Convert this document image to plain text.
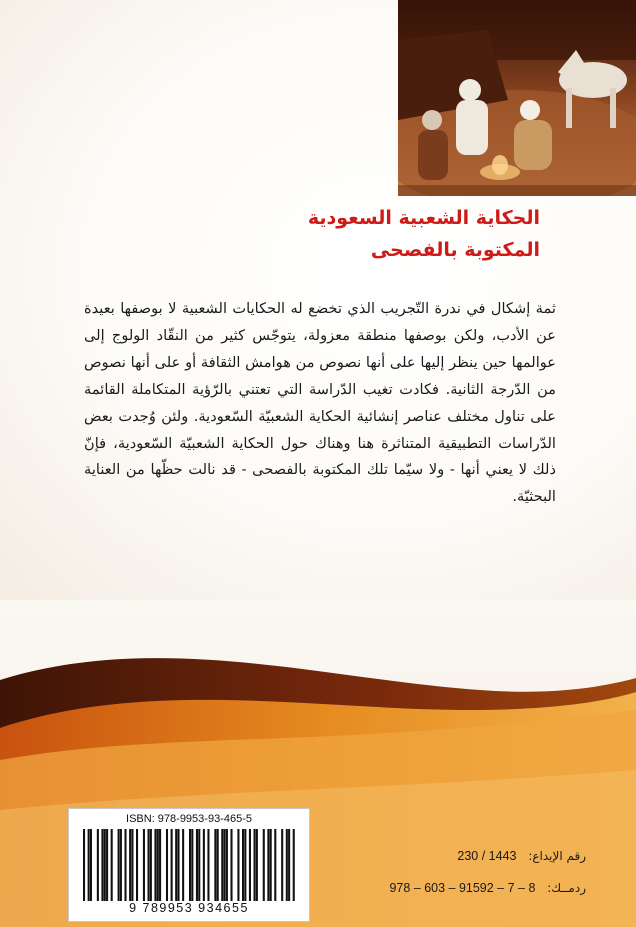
الحكاية الشعبية السعودية
المكتوبة بالفصحى
ثمة إشكال في ندرة التّجريب الذي تخضع له الحكايات الشعبية لا بوصفها بعيدة عن الأدب، ولكن بوصفها منطقة معزولة، يتوجّس كثير من النقّاد الولوج إلى عوالمها حين ينظر إليها على أنها نصوص من هوامش الثقافة أو على أنها نصوص من الدّرجة الثانية. فكادت تغيب الدّراسة التي تعتني بالرّؤية المتكاملة القائمة على تناول مختلف عناصر إنشائية الحكاية الشعبيّة السّعودية. ولئن وُجدت بعض الدّراسات التطبيقية المتناثرة هنا وهناك حول الحكاية الشعبيّة السّعودية، فإنّ ذلك لا يعني أنها - ولا سيّما تلك المكتوبة بالفصحى - قد نالت حظّها من العناية البحثيّة.
ISBN: 978-9953-93-465-5
9 789953 934655
رقم الإيداع: 1443 / 230
ردمــك: 978 – 603 – 91592 – 7 – 8
